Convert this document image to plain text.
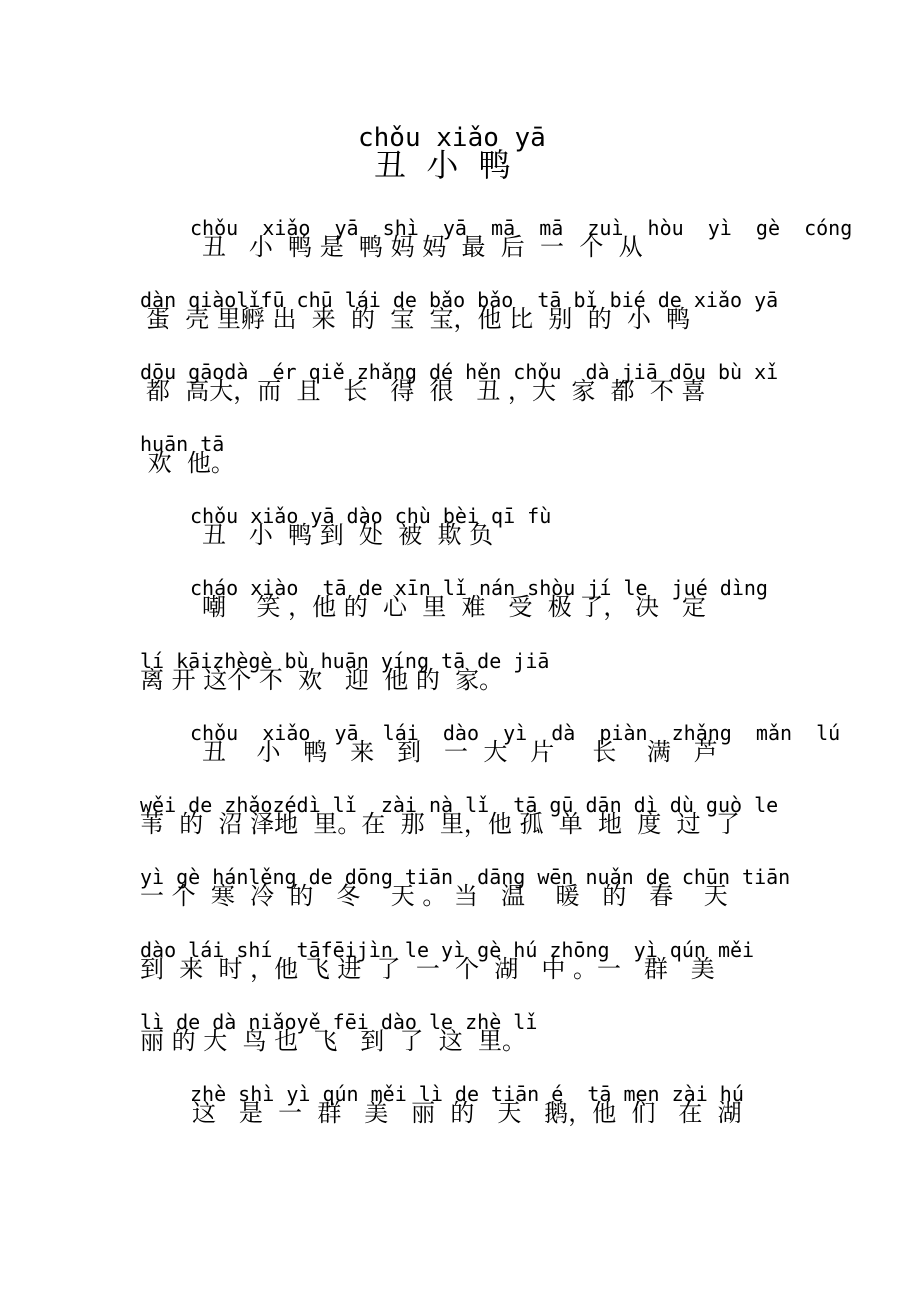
chǒu xiǎo yā
丑  小  鸭
chǒu  xiǎo  yā  shì  yā  mā  mā  zuì  hòu  yì  gè  cóng
丑   小  鸭 是  鸭 妈 妈  最  后  一  个  从
dàn qiàolǐfū chū lái de bǎo bǎo  tā bǐ bié de xiǎo yā
蛋  壳 里孵 出  来  的  宝  宝，他 比  别  的  小  鸭
dōu gāodà  ér qiě zhǎng dé hěn chǒu  dà jiā dōu bù xǐ
都  高大，而  且   长   得  很   丑 ，大  家  都  不 喜
huān tā
欢  他。
chǒu xiǎo yā dào chù bèi qī fù
丑   小  鸭 到  处  被  欺 负
cháo xiào  tā de xīn lǐ nán shòu jí le  jué dìng
嘲    笑 ，他 的  心  里  难   受  极 了， 决   定
lí kāizhègè bù huān yíng tā de jiā
离 开 这个 不  欢   迎  他 的  家。
chǒu  xiǎo  yā  lái  dào  yì  dà  piàn  zhǎng  mǎn  lú
丑    小   鸭   来   到   一  大   片     长    满   芦
wěi de zhǎozédì lǐ  zài nà lǐ  tā gū dān dì dù guò le
苇  的  沼 泽地  里。在  那  里，他 孤  单  地  度  过  了
yì gè hánlěng de dōng tiān  dāng wēn nuǎn de chūn tiān
一 个  寒  冷  的   冬    天 。 当   温    暖   的   春    天
dào lái shí  tāfēijìn le yì gè hú zhōng  yì qún měi
到  来  时 ，他 飞 进  了  一  个  湖   中 。一   群   美
lì de dà niǎoyě fēi dào le zhè lǐ
丽 的 大  鸟 也  飞   到  了  这  里。
zhè shì yì qún měi lì de tiān é  tā men zài hú
这   是  一  群   美   丽  的   天   鹅，他  们   在  湖
